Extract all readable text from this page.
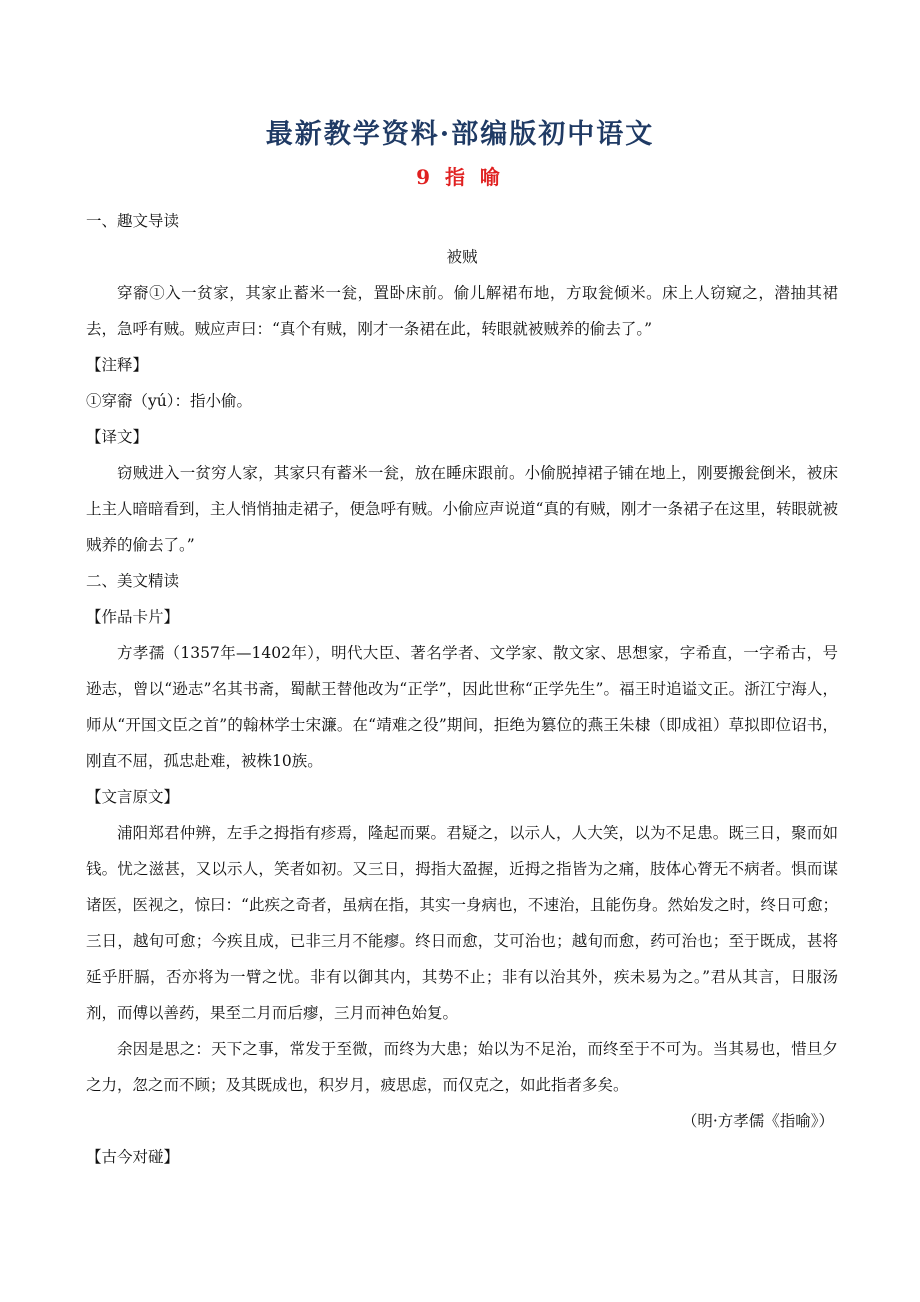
最新教学资料·部编版初中语文
9 指 喻

一、趣文导读

被贼

穿窬①入一贫家，其家止蓄米一瓮，置卧床前。偷儿解裙布地，方取瓮倾米。床上人窃窥之，潜抽其裙去，急呼有贼。贼应声曰：“真个有贼，刚才一条裙在此，转眼就被贼养的偷去了。”

【注释】

①穿窬（yú）：指小偷。

【译文】

窃贼进入一贫穷人家，其家只有蓄米一瓮，放在睡床跟前。小偷脱掉裙子铺在地上，刚要搬瓮倒米，被床上主人暗暗看到，主人悄悄抽走裙子，便急呼有贼。小偷应声说道“真的有贼，刚才一条裙子在这里，转眼就被贼养的偷去了。”

二、美文精读

【作品卡片】

方孝孺（1357年—1402年），明代大臣、著名学者、文学家、散文家、思想家，字希直，一字希古，号逊志，曾以“逊志”名其书斋，蜀献王替他改为“正学”，因此世称“正学先生”。福王时追谥文正。浙江宁海人，师从“开国文臣之首”的翰林学士宋濂。在“靖难之役”期间，拒绝为篡位的燕王朱棣（即成祖）草拟即位诏书，刚直不屈，孤忠赴难，被株10族。

【文言原文】

浦阳郑君仲辨，左手之拇指有疹焉，隆起而粟。君疑之，以示人，人大笑，以为不足患。既三日，聚而如钱。忧之滋甚，又以示人，笑者如初。又三日，拇指大盈握，近拇之指皆为之痛，肢体心膂无不病者。惧而谋诸医，医视之，惊曰：“此疾之奇者，虽病在指，其实一身病也，不速治，且能伤身。然始发之时，终日可愈；三日，越旬可愈；今疾且成，已非三月不能瘳。终日而愈，艾可治也；越旬而愈，药可治也；至于既成，甚将延乎肝膈，否亦将为一臂之忧。非有以御其内，其势不止；非有以治其外，疾未易为之。”君从其言，日服汤剂，而傅以善药，果至二月而后瘳，三月而神色始复。

余因是思之：天下之事，常发于至微，而终为大患；始以为不足治，而终至于不可为。当其易也，惜旦夕之力，忽之而不顾；及其既成也，积岁月，疲思虑，而仅克之，如此指者多矣。

（明·方孝儒《指喻》）

【古今对碰】
